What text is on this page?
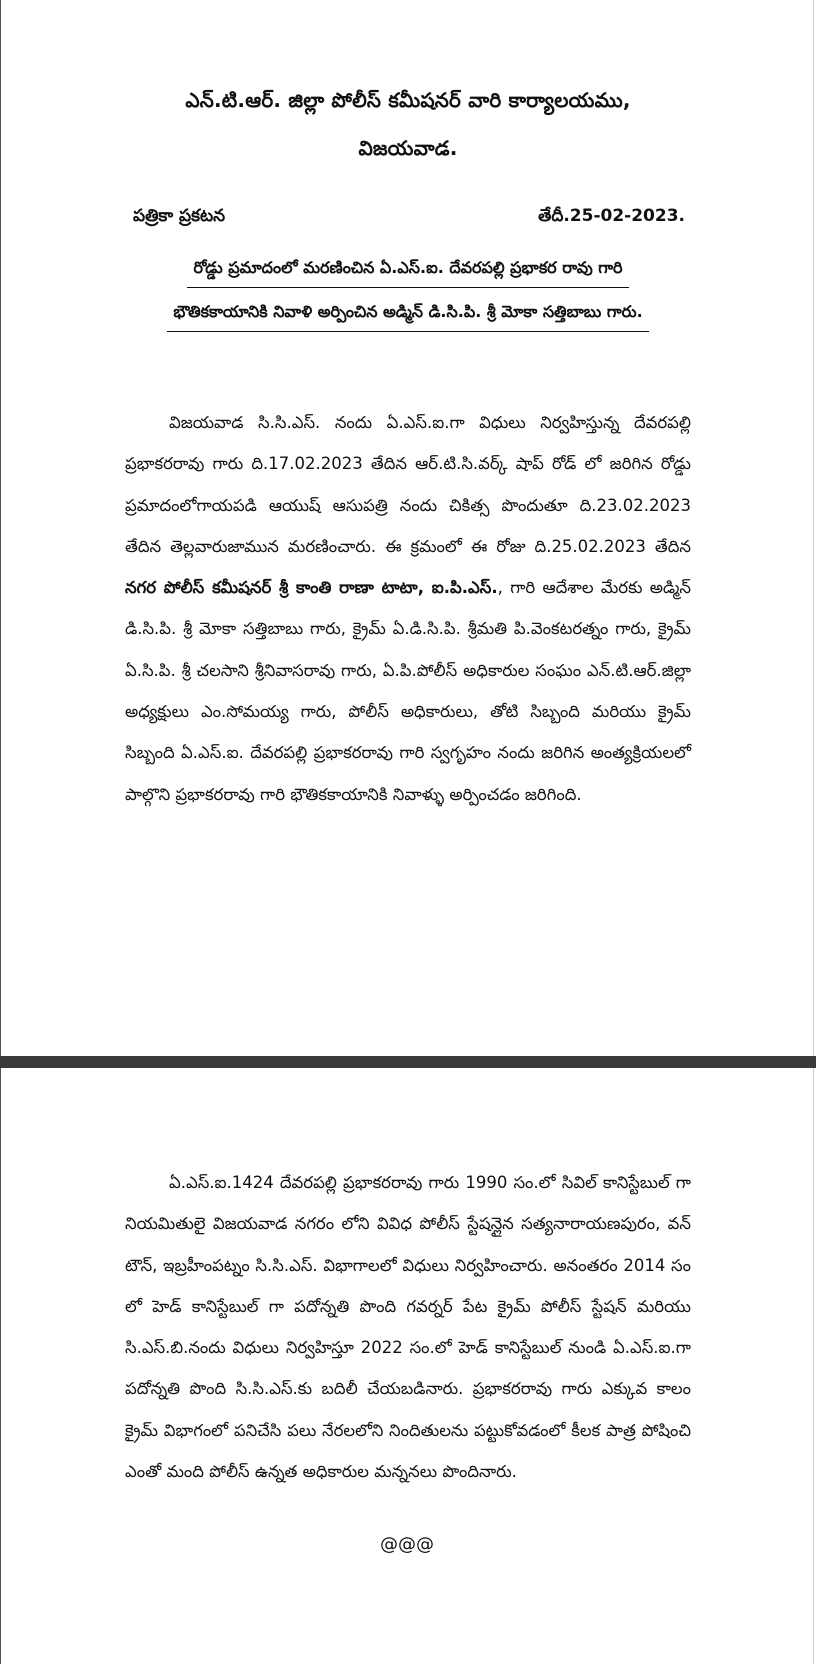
ఎన్.టి.ఆర్. జిల్లా పోలీస్ కమీషనర్ వారి కార్యాలయము,
విజయవాడ.
పత్రికా ప్రకటన	తేదీ.25-02-2023.
రోడ్డు ప్రమాదంలో మరణించిన ఏ.ఎస్.ఐ. దేవరపల్లి ప్రభాకర రావు గారి
భౌతికకాయానికి నివాళి అర్పించిన అడ్మిన్ డి.సి.పి. శ్రీ మోకా సత్తిబాబు గారు.

విజయవాడ సి.సి.ఎస్. నందు ఏ.ఎస్.ఐ.గా విధులు నిర్వహిస్తున్న దేవరపల్లి ప్రభాకరరావు గారు ది.17.02.2023 తేదిన ఆర్.టి.సి.వర్క్ షాప్ రోడ్ లో జరిగిన రోడ్డు ప్రమాదంలోగాయపడి ఆయుష్ ఆసుపత్రి నందు చికిత్స పొందుతూ ది.23.02.2023 తేదిన తెల్లవారుజామున మరణించారు. ఈ క్రమంలో ఈ రోజు ది.25.02.2023 తేదిన నగర పోలీస్ కమీషనర్ శ్రీ కాంతి రాణా టాటా, ఐ.పి.ఎస్., గారి ఆదేశాల మేరకు అడ్మిన్ డి.సి.పి. శ్రీ మోకా సత్తిబాబు గారు, క్రైమ్ ఏ.డి.సి.పి. శ్రీమతి పి.వెంకటరత్నం గారు, క్రైమ్ ఏ.సి.పి. శ్రీ చలసాని శ్రీనివాసరావు గారు, ఏ.పి.పోలీస్ అధికారుల సంఘం ఎన్.టి.ఆర్.జిల్లా అధ్యక్షులు ఎం.సోమయ్య గారు, పోలీస్ అధికారులు, తోటి సిబ్బంది మరియు క్రైమ్ సిబ్బంది ఏ.ఎస్.ఐ. దేవరపల్లి ప్రభాకరరావు గారి స్వగృహం నందు జరిగిన అంత్యక్రియలలో పాల్గొని ప్రభాకరరావు గారి భౌతికకాయానికి నివాళ్ళు అర్పించడం జరిగింది.

ఏ.ఎస్.ఐ.1424 దేవరపల్లి ప్రభాకరరావు గారు 1990 సం.లో సివిల్ కానిస్టేబుల్ గా నియమితులై విజయవాడ నగరం లోని వివిధ పోలీస్ స్టేషన్లైన సత్యనారాయణపురం, వన్ టౌన్, ఇబ్రహీంపట్నం సి.సి.ఎస్. విభాగాలలో విధులు నిర్వహించారు. అనంతరం 2014 సం లో హెడ్ కానిస్టేబుల్ గా పదోన్నతి పొంది గవర్నర్ పేట క్రైమ్ పోలీస్ స్టేషన్ మరియు సి.ఎస్.బి.నందు విధులు నిర్వహిస్తూ 2022 సం.లో హెడ్ కానిస్టేబుల్ నుండి ఏ.ఎస్.ఐ.గా పదోన్నతి పొంది సి.సి.ఎస్.కు బదిలీ చేయబడినారు. ప్రభాకరరావు గారు ఎక్కువ కాలం క్రైమ్ విభాగంలో పనిచేసి పలు నేరలలోని నిందితులను పట్టుకోవడంలో కీలక పాత్ర పోషించి ఎంతో మంది పోలీస్ ఉన్నత అధికారుల మన్ననలు పొందినారు.

@@@
